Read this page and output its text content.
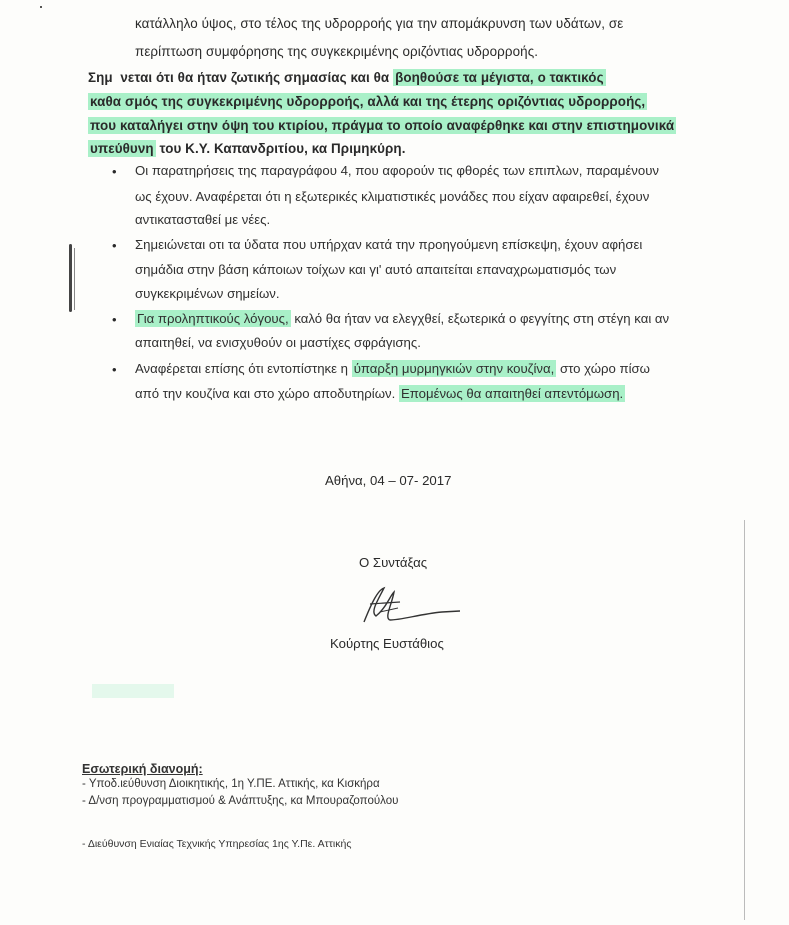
κατάλληλο ύψος, στο τέλος της υδρορροής για την απομάκρυνση των υδάτων, σε
περίπτωση συμφόρησης της συγκεκριμένης οριζόντιας υδρορροής.
Σημ νεται ότι θα ήταν ζωτικής σημασίας και θα βοηθούσε τα μέγιστα, ο τακτικός
καθα σμός της συγκεκριμένης υδρορροής, αλλά και της έτερης οριζόντιας υδρορροής,
που καταλήγει στην όψη του κτιρίου, πράγμα το οποίο αναφέρθηκε και στην επιστημονικά
υπεύθυνη του Κ.Υ. Καπανδριτίου, κα Πριμηκύρη.
• Οι παρατηρήσεις της παραγράφου 4, που αφορούν τις φθορές των επιπλων, παραμένουν
ως έχουν. Αναφέρεται ότι η εξωτερικές κλιματιστικές μονάδες που είχαν αφαιρεθεί, έχουν
αντικατασταθεί με νέες.
• Σημειώνεται οτι τα ύδατα που υπήρχαν κατά την προηγούμενη επίσκεψη, έχουν αφήσει
σημάδια στην βάση κάποιων τοίχων και γι' αυτό απαιτείται επαναχρωματισμός των
συγκεκριμένων σημείων.
• Για προληπτικούς λόγους, καλό θα ήταν να ελεγχθεί, εξωτερικά ο φεγγίτης στη στέγη και αν
απαιτηθεί, να ενισχυθούν οι μαστίχες σφράγισης.
• Αναφέρεται επίσης ότι εντοπίστηκε η ύπαρξη μυρμηγκιών στην κουζίνα, στο χώρο πίσω
από την κουζίνα και στο χώρο αποδυτηρίων. Επομένως θα απαιτηθεί απεντόμωση.
Αθήνα, 04 – 07- 2017
Ο Συντάξας
Κούρτης Ευστάθιος
Εσωτερική διανομή:
- Υποδ.ιεύθυνση Διοικητικής, 1η Υ.ΠΕ. Αττικής, κα Κισκήρα
- Δ/νση προγραμματισμού & Ανάπτυξης, κα Μπουραζοπούλου
- Διεύθυνση Ενιαίας Τεχνικής Υπηρεσίας 1ης Υ.Πε. Αττικής
